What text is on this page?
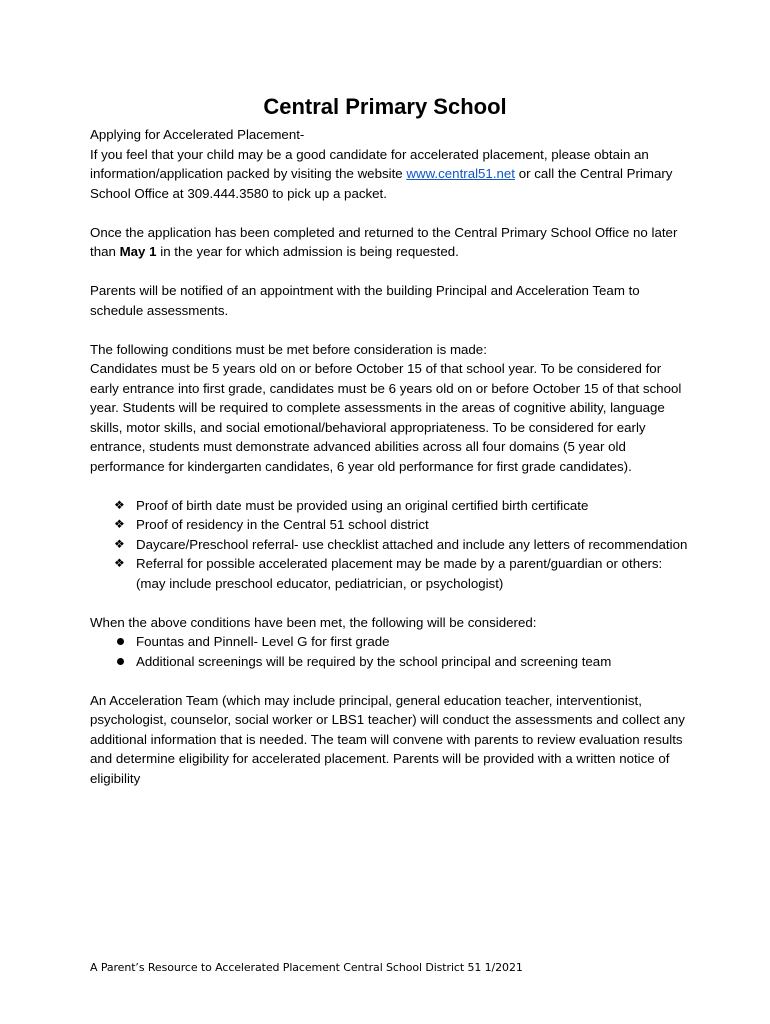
Central Primary School

Applying for Accelerated Placement-

If you feel that your child may be a good candidate for accelerated placement, please obtain an information/application packed by visiting the website www.central51.net or call the Central Primary School Office at 309.444.3580 to pick up a packet.

Once the application has been completed and returned to the Central Primary School Office no later than May 1 in the year for which admission is being requested.

Parents will be notified of an appointment with the building Principal and Acceleration Team to schedule assessments.

The following conditions must be met before consideration is made:

Candidates must be 5 years old on or before October 15 of that school year. To be considered for early entrance into first grade, candidates must be 6 years old on or before October 15 of that school year. Students will be required to complete assessments in the areas of cognitive ability, language skills, motor skills, and social emotional/behavioral appropriateness. To be considered for early entrance, students must demonstrate advanced abilities across all four domains (5 year old performance for kindergarten candidates, 6 year old performance for first grade candidates).

❖ Proof of birth date must be provided using an original certified birth certificate
❖ Proof of residency in the Central 51 school district
❖ Daycare/Preschool referral- use checklist attached and include any letters of recommendation
❖ Referral for possible accelerated placement may be made by a parent/guardian or others: (may include preschool educator, pediatrician, or psychologist)

When the above conditions have been met, the following will be considered:

Fountas and Pinnell- Level G for first grade
Additional screenings will be required by the school principal and screening team

An Acceleration Team (which may include principal, general education teacher, interventionist, psychologist, counselor, social worker or LBS1 teacher) will conduct the assessments and collect any additional information that is needed. The team will convene with parents to review evaluation results and determine eligibility for accelerated placement. Parents will be provided with a written notice of eligibility

A Parent’s Resource to Accelerated Placement Central School District 51 1/2021
